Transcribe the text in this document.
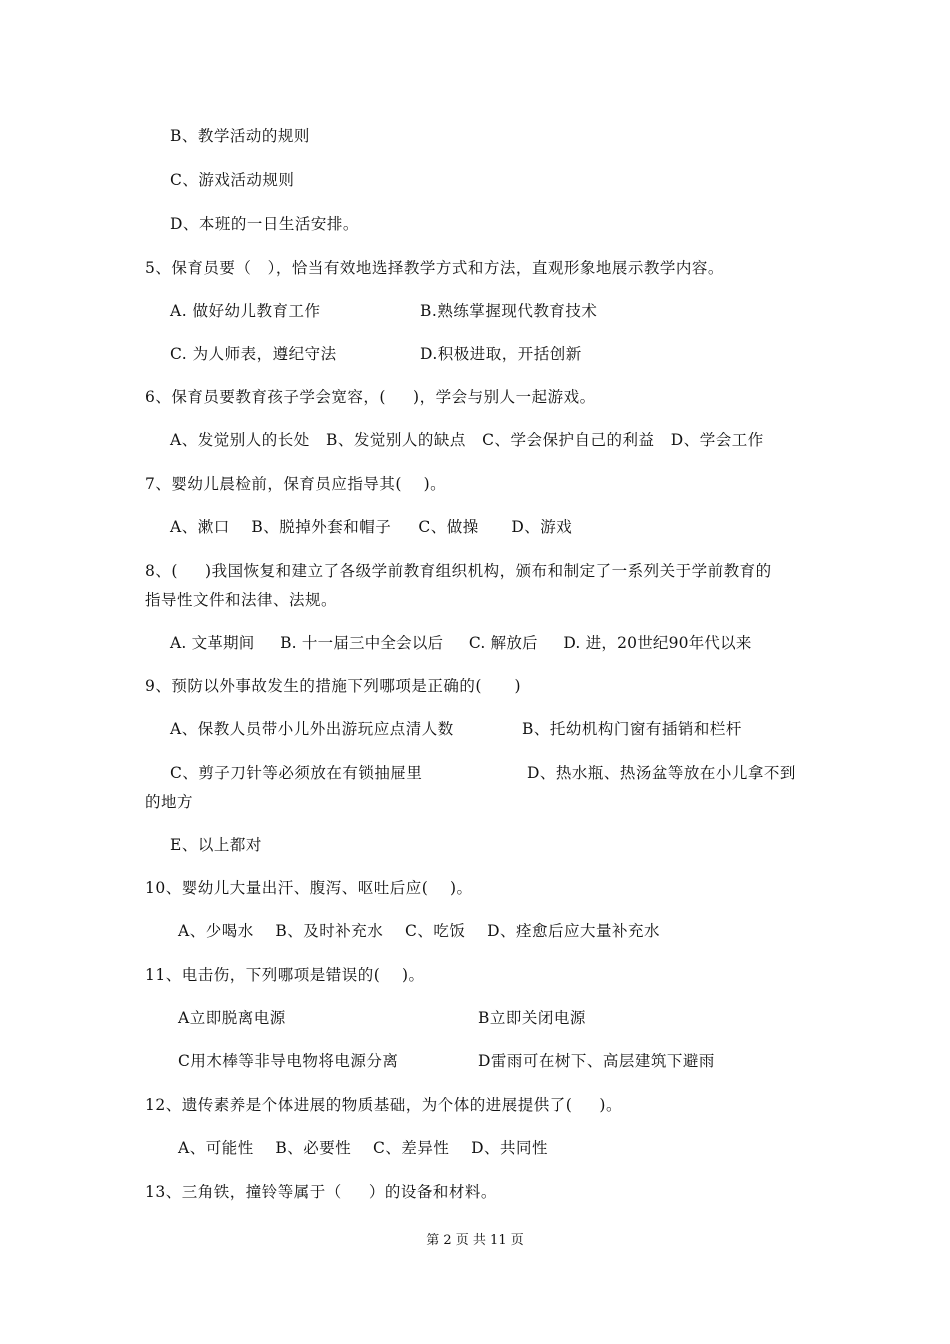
B、教学活动的规则
C、游戏活动规则
D、本班的一日生活安排。
5、保育员要（   ），恰当有效地选择教学方式和方法，直观形象地展示教学内容。
A. 做好幼儿教育工作	B.熟练掌握现代教育技术
C. 为人师表，遵纪守法	D.积极进取，开括创新
6、保育员要教育孩子学会宽容，(     )，学会与别人一起游戏。
A、发觉别人的长处   B、发觉别人的缺点   C、学会保护自己的利益   D、学会工作
7、婴幼儿晨检前，保育员应指导其(    )。
A、漱口    B、脱掉外套和帽子     C、做操      D、游戏
8、(     )我国恢复和建立了各级学前教育组织机构，颁布和制定了一系列关于学前教育的
指导性文件和法律、法规。
A. 文革期间     B. 十一届三中全会以后     C. 解放后     D. 进，20世纪90年代以来
9、预防以外事故发生的措施下列哪项是正确的(      )
A、保教人员带小儿外出游玩应点清人数	B、托幼机构门窗有插销和栏杆
C、剪子刀针等必须放在有锁抽屉里	D、热水瓶、热汤盆等放在小儿拿不到
的地方
E、以上都对
10、婴幼儿大量出汗、腹泻、呕吐后应(    )。
A、少喝水    B、及时补充水    C、吃饭    D、痊愈后应大量补充水
11、电击伤，下列哪项是错误的(    )。
A立即脱离电源	B立即关闭电源
C用木棒等非导电物将电源分离	D雷雨可在树下、高层建筑下避雨
12、遗传素养是个体进展的物质基础，为个体的进展提供了(     )。
A、可能性    B、必要性    C、差异性    D、共同性
13、三角铁，撞铃等属于（     ）的设备和材料。
第 2 页 共 11 页
